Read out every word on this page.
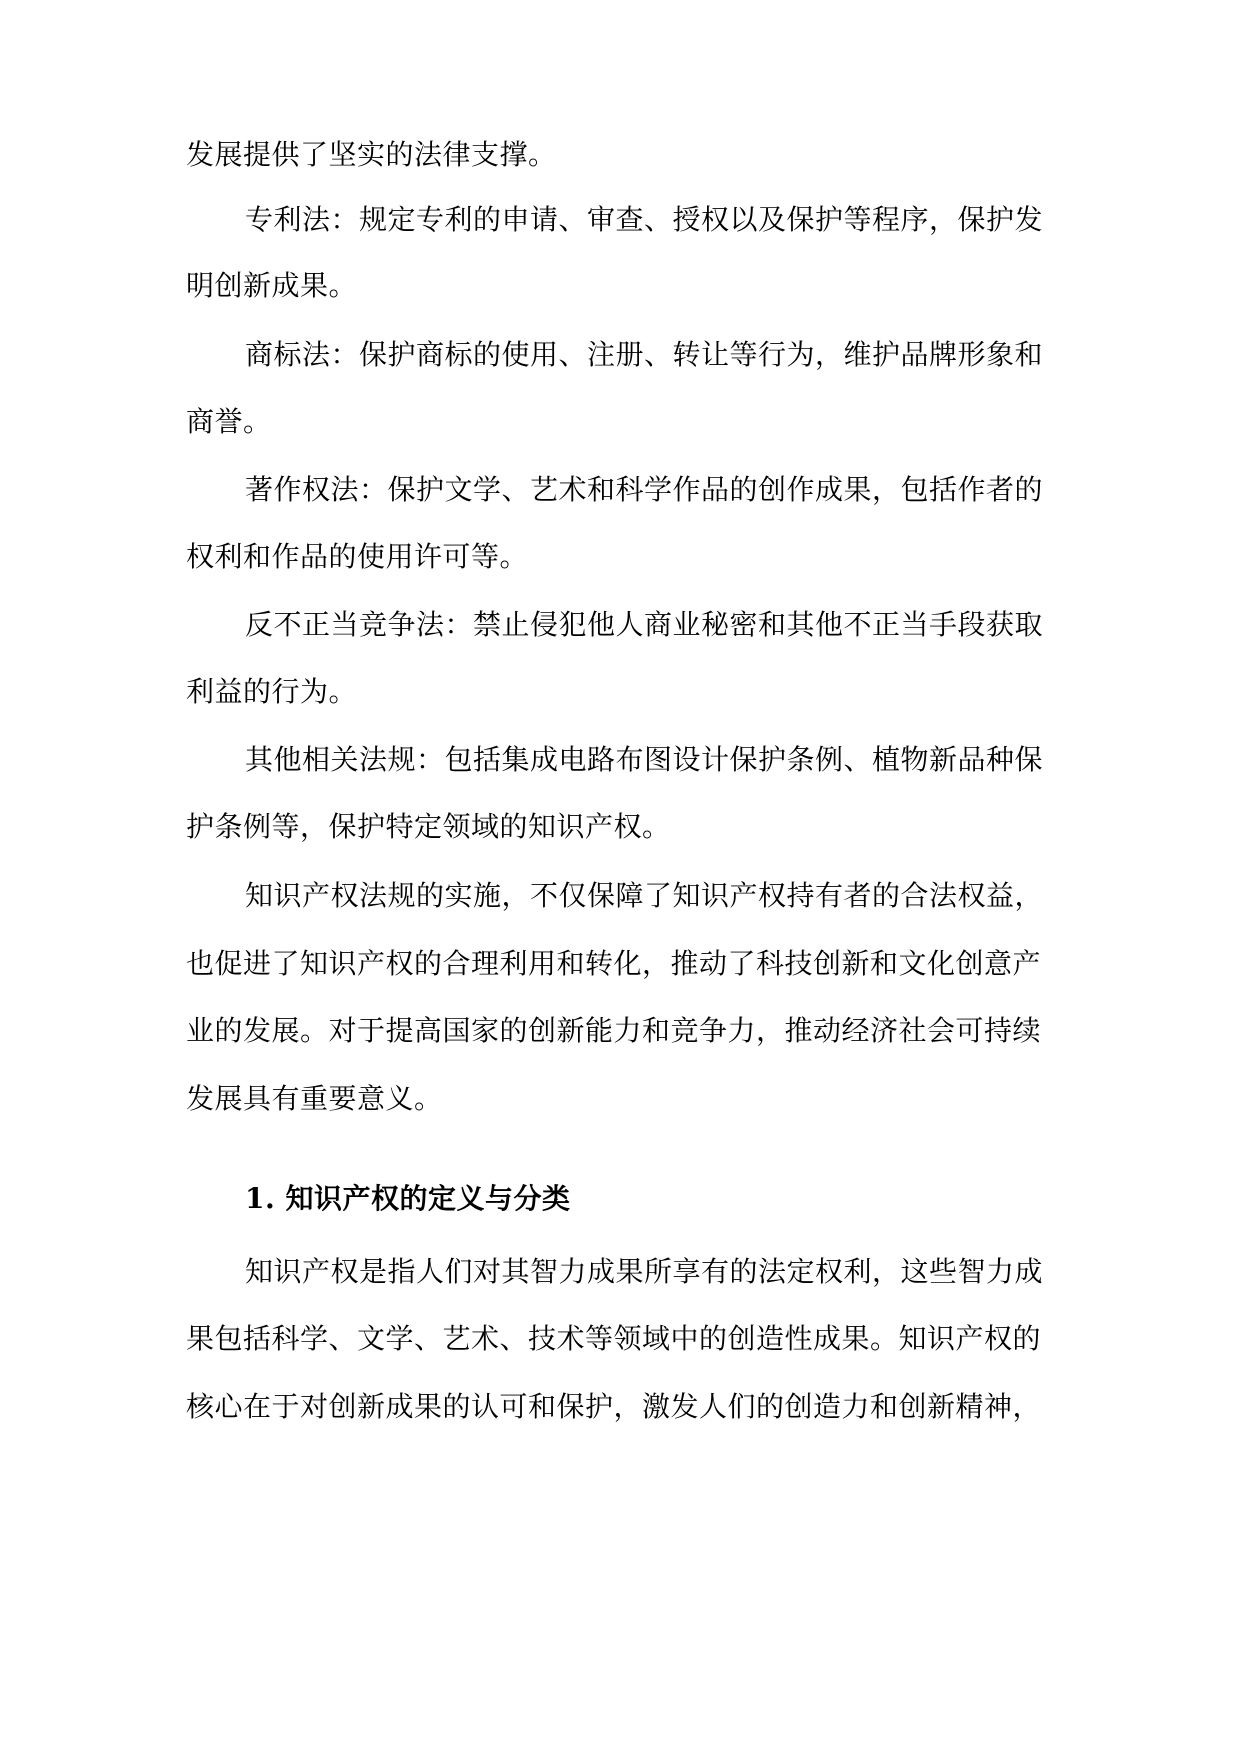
发展提供了坚实的法律支撑。
专利法：规定专利的申请、审查、授权以及保护等程序，保护发
明创新成果。
商标法：保护商标的使用、注册、转让等行为，维护品牌形象和
商誉。
著作权法：保护文学、艺术和科学作品的创作成果，包括作者的
权利和作品的使用许可等。
反不正当竞争法：禁止侵犯他人商业秘密和其他不正当手段获取
利益的行为。
其他相关法规：包括集成电路布图设计保护条例、植物新品种保
护条例等，保护特定领域的知识产权。
知识产权法规的实施，不仅保障了知识产权持有者的合法权益，
也促进了知识产权的合理利用和转化，推动了科技创新和文化创意产
业的发展。对于提高国家的创新能力和竞争力，推动经济社会可持续
发展具有重要意义。
1. 知识产权的定义与分类
知识产权是指人们对其智力成果所享有的法定权利，这些智力成
果包括科学、文学、艺术、技术等领域中的创造性成果。知识产权的
核心在于对创新成果的认可和保护，激发人们的创造力和创新精神，
